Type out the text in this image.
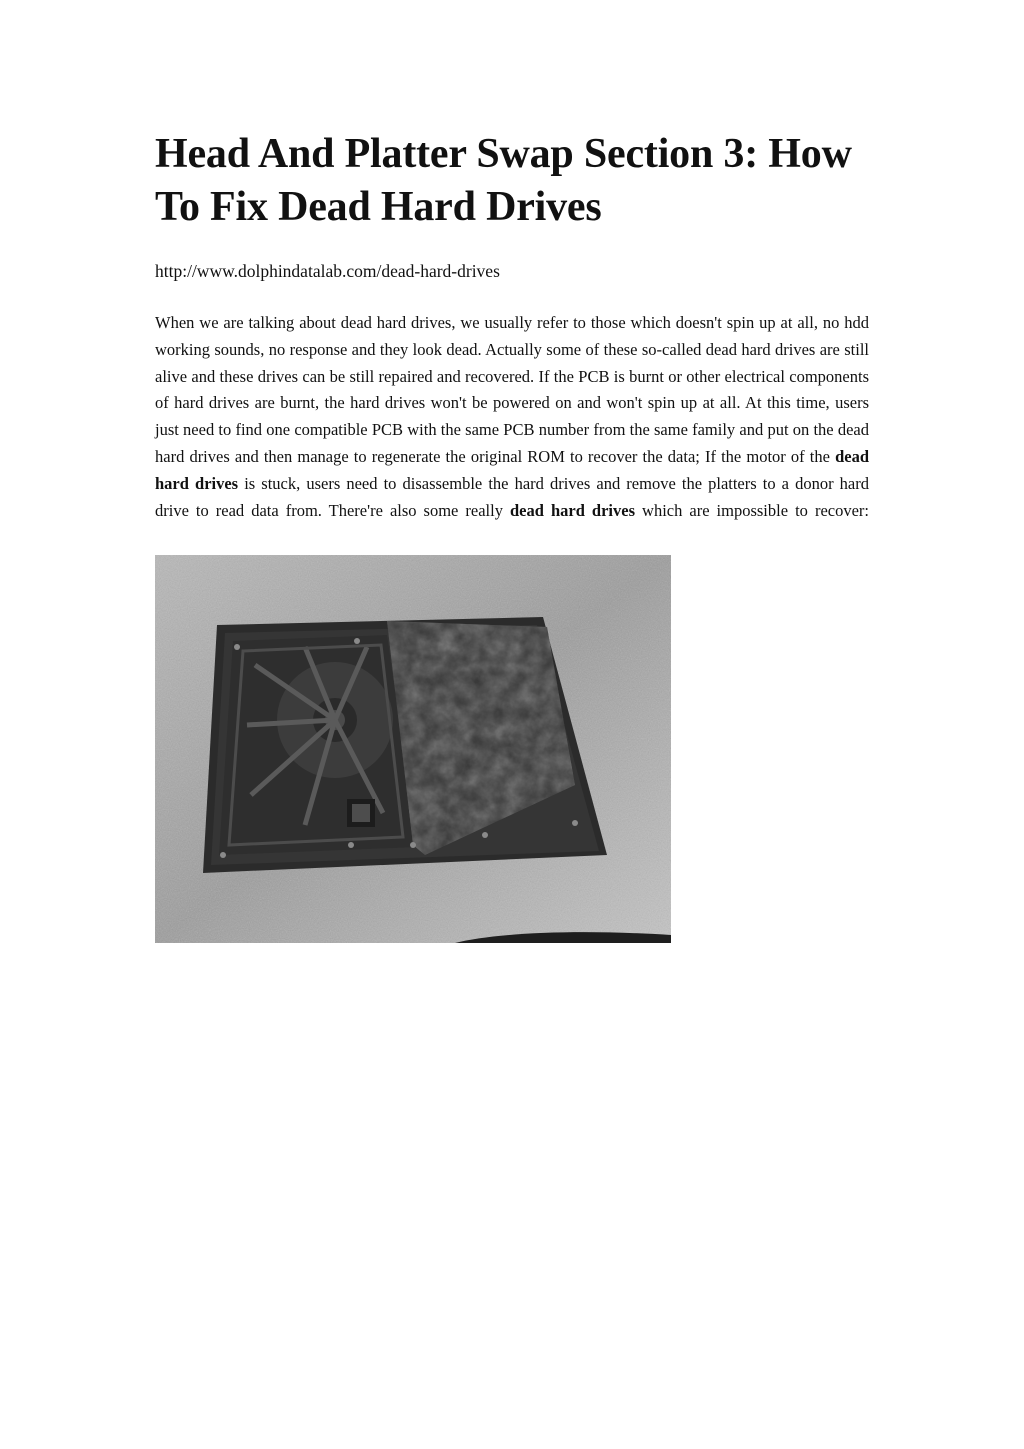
Head And Platter Swap Section 3: How To Fix Dead Hard Drives
http://www.dolphindatalab.com/dead-hard-drives

When we are talking about dead hard drives, we usually refer to those which doesn't spin up at all, no hdd working sounds, no response and they look dead. Actually some of these so-called dead hard drives are still alive and these drives can be still repaired and recovered. If the PCB is burnt or other electrical components of hard drives are burnt, the hard drives won't be powered on and won't spin up at all. At this time, users just need to find one compatible PCB with the same PCB number from the same family and put on the dead hard drives and then manage to regenerate the original ROM to recover the data; If the motor of the dead hard drives is stuck, users need to disassemble the hard drives and remove the platters to a donor hard drive to read data from. There're also some really dead hard drives which are impossible to recover:
